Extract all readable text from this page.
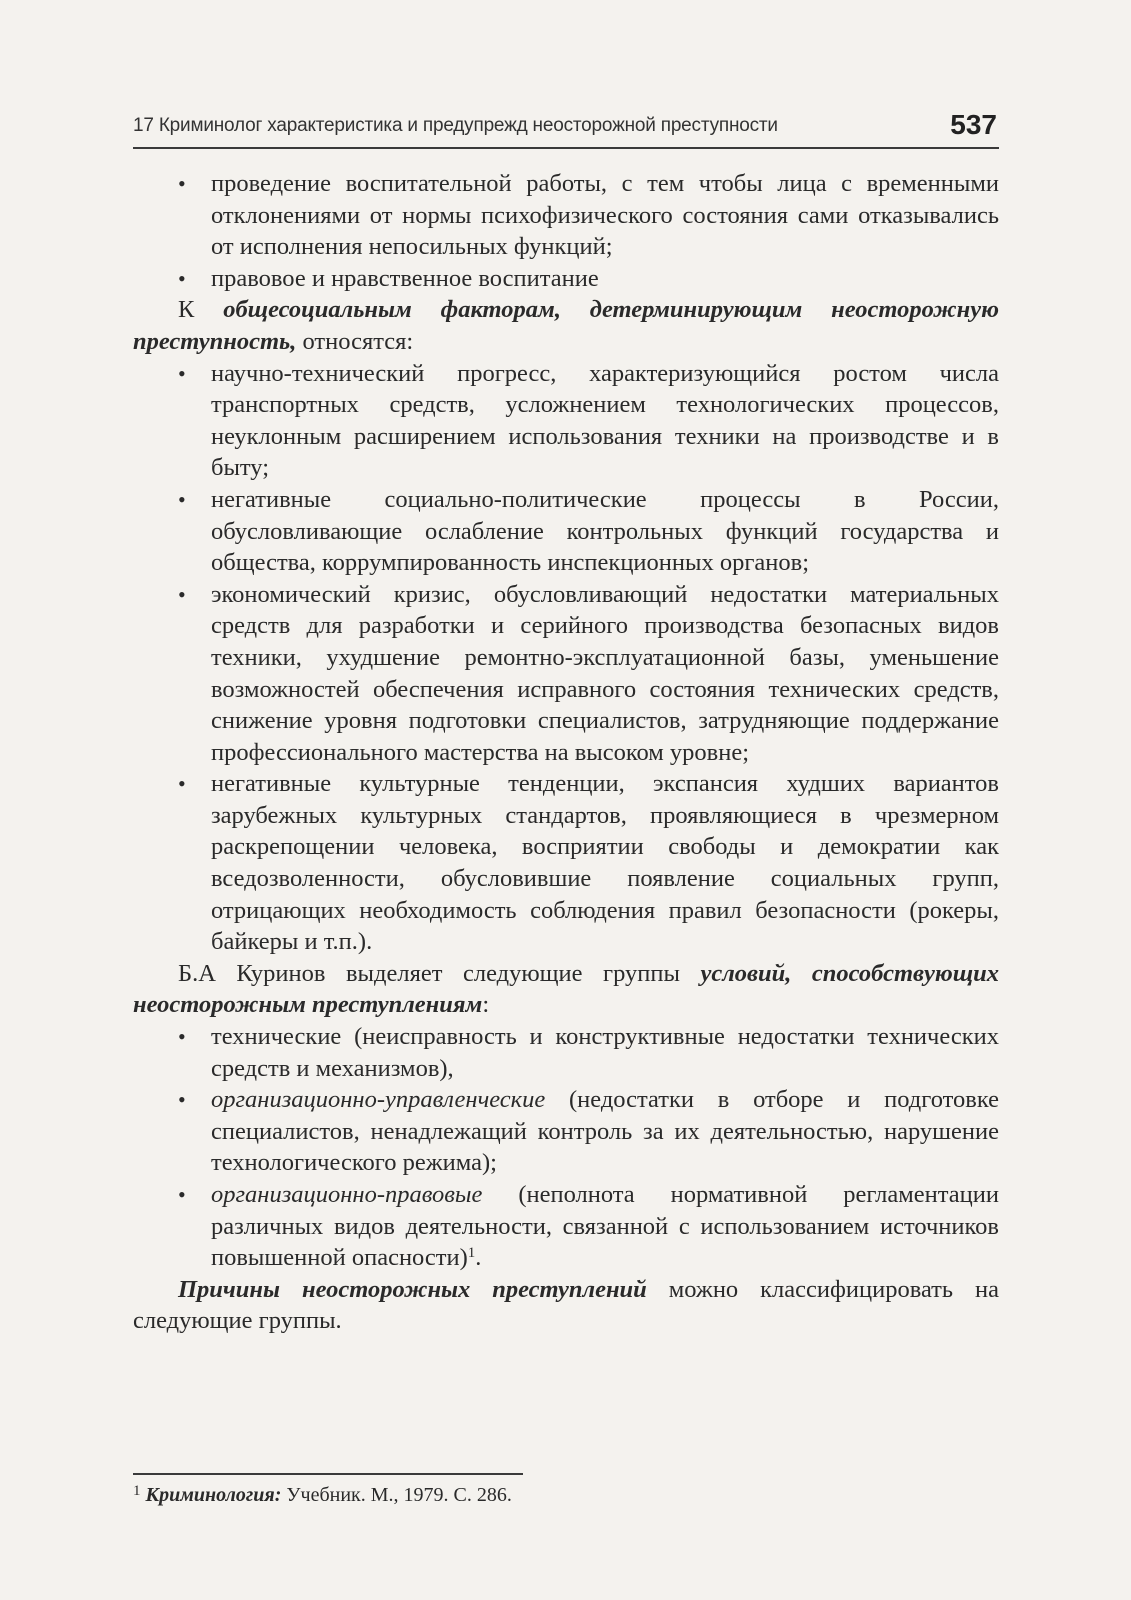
17 Криминолог характеристика и предупрежд неосторожной преступности	537
• проведение воспитательной работы, с тем чтобы лица с временными отклонениями от нормы психофизического состояния сами отказывались от исполнения непосильных функций;
• правовое и нравственное воспитание

К общесоциальным факторам, детерминирующим неосторожную преступность, относятся:

• научно-технический прогресс, характеризующийся ростом числа транспортных средств, усложнением технологических процессов, неуклонным расширением использования техники на производстве и в быту;
• негативные социально-политические процессы в России, обусловливающие ослабление контрольных функций государства и общества, коррумпированность инспекционных органов;
• экономический кризис, обусловливающий недостатки материальных средств для разработки и серийного производства безопасных видов техники, ухудшение ремонтно-эксплуатационной базы, уменьшение возможностей обеспечения исправного состояния технических средств, снижение уровня подготовки специалистов, затрудняющие поддержание профессионального мастерства на высоком уровне;
• негативные культурные тенденции, экспансия худших вариантов зарубежных культурных стандартов, проявляющиеся в чрезмерном раскрепощении человека, восприятии свободы и демократии как вседозволенности, обусловившие появление социальных групп, отрицающих необходимость соблюдения правил безопасности (рокеры, байкеры и т.п.).

Б.А Куринов выделяет следующие группы условий, способствующих неосторожным преступлениям:

• технические (неисправность и конструктивные недостатки технических средств и механизмов),
• организационно-управленческие (недостатки в отборе и подготовке специалистов, ненадлежащий контроль за их деятельностью, нарушение технологического режима);
• организационно-правовые (неполнота нормативной регламентации различных видов деятельности, связанной с использованием источников повышенной опасности)$^1$.

Причины неосторожных преступлений можно классифицировать на следующие группы.

$^1$ Криминология: Учебник. М., 1979. С. 286.
